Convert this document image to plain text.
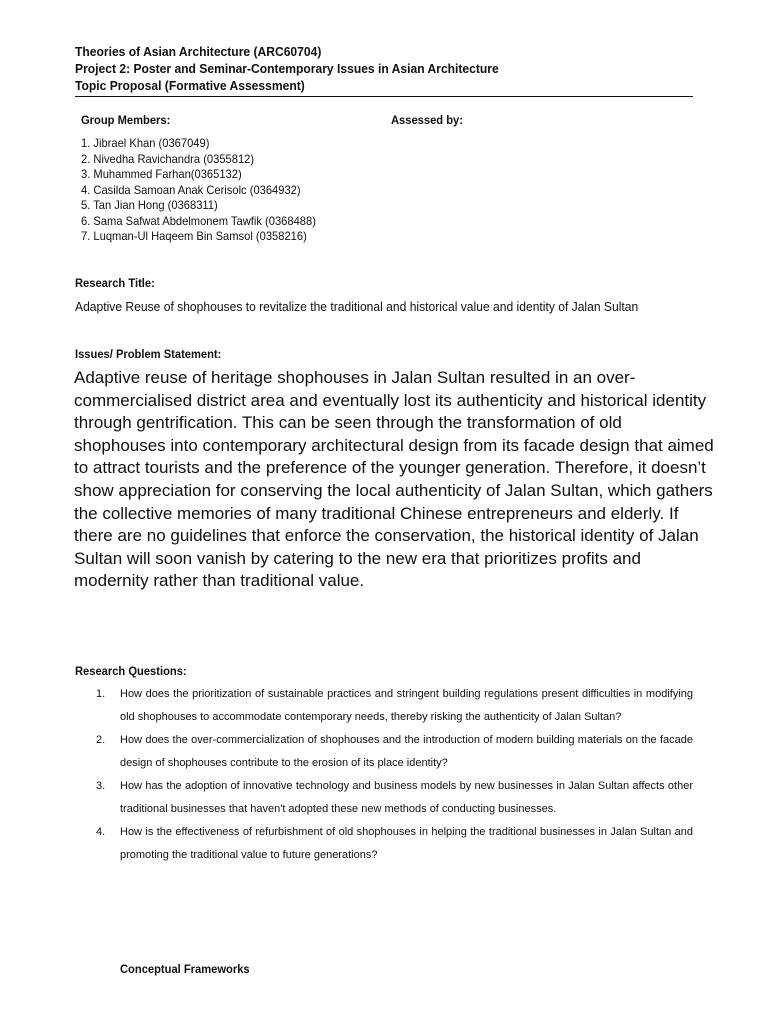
Theories of Asian Architecture (ARC60704)
Project 2: Poster and Seminar-Contemporary Issues in Asian Architecture
Topic Proposal (Formative Assessment)
Group Members:	Assessed by:
1. Jibrael Khan (0367049)
2. Nivedha Ravichandra (0355812)
3. Muhammed Farhan(0365132)
4. Casilda Samoan Anak Cerisolc (0364932)
5. Tan Jian Hong (0368311)
6. Sama Safwat Abdelmonem Tawfik (0368488)
7. Luqman-Ul Haqeem Bin Samsol (0358216)
Research Title:
Adaptive Reuse of shophouses to revitalize the traditional and historical value and identity of Jalan Sultan
Issues/ Problem Statement:

Adaptive reuse of heritage shophouses in Jalan Sultan resulted in an over-commercialised district area and eventually lost its authenticity and historical identity through gentrification. This can be seen through the transformation of old shophouses into contemporary architectural design from its facade design that aimed to attract tourists and the preference of the younger generation. Therefore, it doesn’t show appreciation for conserving the local authenticity of Jalan Sultan, which gathers the collective memories of many traditional Chinese entrepreneurs and elderly. If there are no guidelines that enforce the conservation, the historical identity of Jalan Sultan will soon vanish by catering to the new era that prioritizes profits and modernity rather than traditional value.

Research Questions:
1. How does the prioritization of sustainable practices and stringent building regulations present difficulties in modifying old shophouses to accommodate contemporary needs, thereby risking the authenticity of Jalan Sultan?
2. How does the over-commercialization of shophouses and the introduction of modern building materials on the facade design of shophouses contribute to the erosion of its place identity?
3. How has the adoption of innovative technology and business models by new businesses in Jalan Sultan affects other traditional businesses that haven't adopted these new methods of conducting businesses.
4. How is the effectiveness of refurbishment of old shophouses in helping the traditional businesses in Jalan Sultan and promoting the traditional value to future generations?
Conceptual Frameworks
